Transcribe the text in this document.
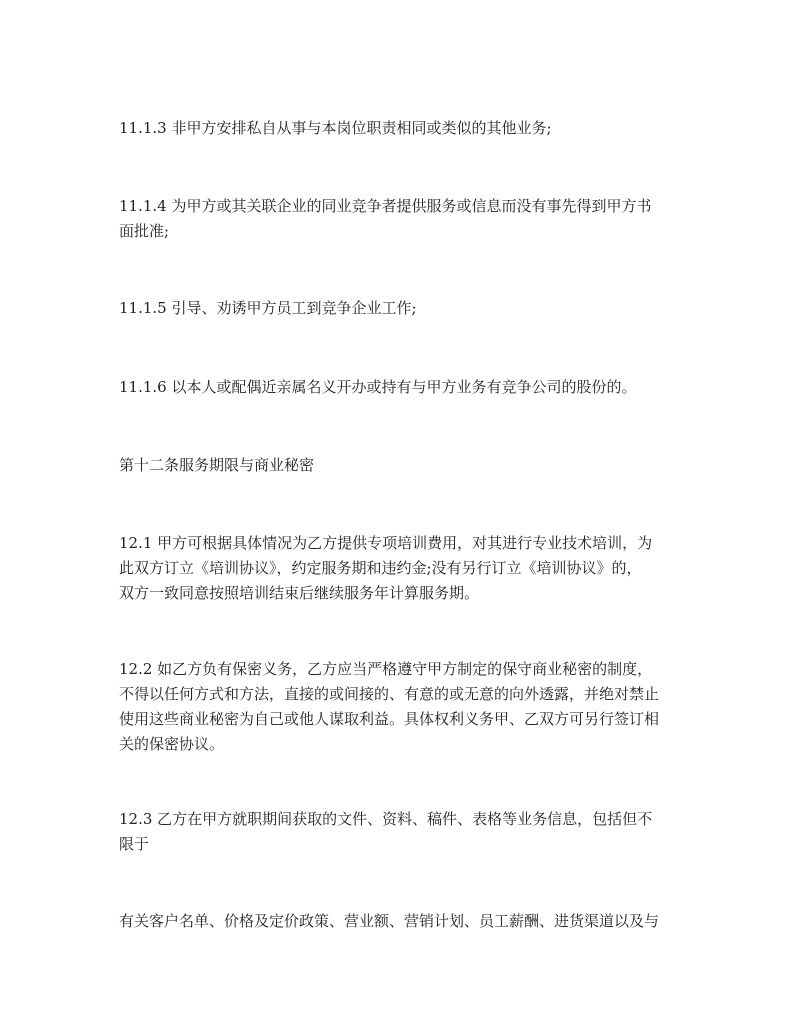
11.1.3 非甲方安排私自从事与本岗位职责相同或类似的其他业务;

11.1.4 为甲方或其关联企业的同业竞争者提供服务或信息而没有事先得到甲方书
面批准;

11.1.5 引导、劝诱甲方员工到竞争企业工作;

11.1.6 以本人或配偶近亲属名义开办或持有与甲方业务有竞争公司的股份的。

第十二条服务期限与商业秘密

12.1 甲方可根据具体情况为乙方提供专项培训费用，对其进行专业技术培训，为
此双方订立《培训协议》，约定服务期和违约金;没有另行订立《培训协议》的，
双方一致同意按照培训结束后继续服务年计算服务期。

12.2 如乙方负有保密义务，乙方应当严格遵守甲方制定的保守商业秘密的制度，
不得以任何方式和方法，直接的或间接的、有意的或无意的向外透露，并绝对禁止
使用这些商业秘密为自己或他人谋取利益。具体权利义务甲、乙双方可另行签订相
关的保密协议。

12.3 乙方在甲方就职期间获取的文件、资料、稿件、表格等业务信息，包括但不
限于

有关客户名单、价格及定价政策、营业额、营销计划、员工薪酬、进货渠道以及与
